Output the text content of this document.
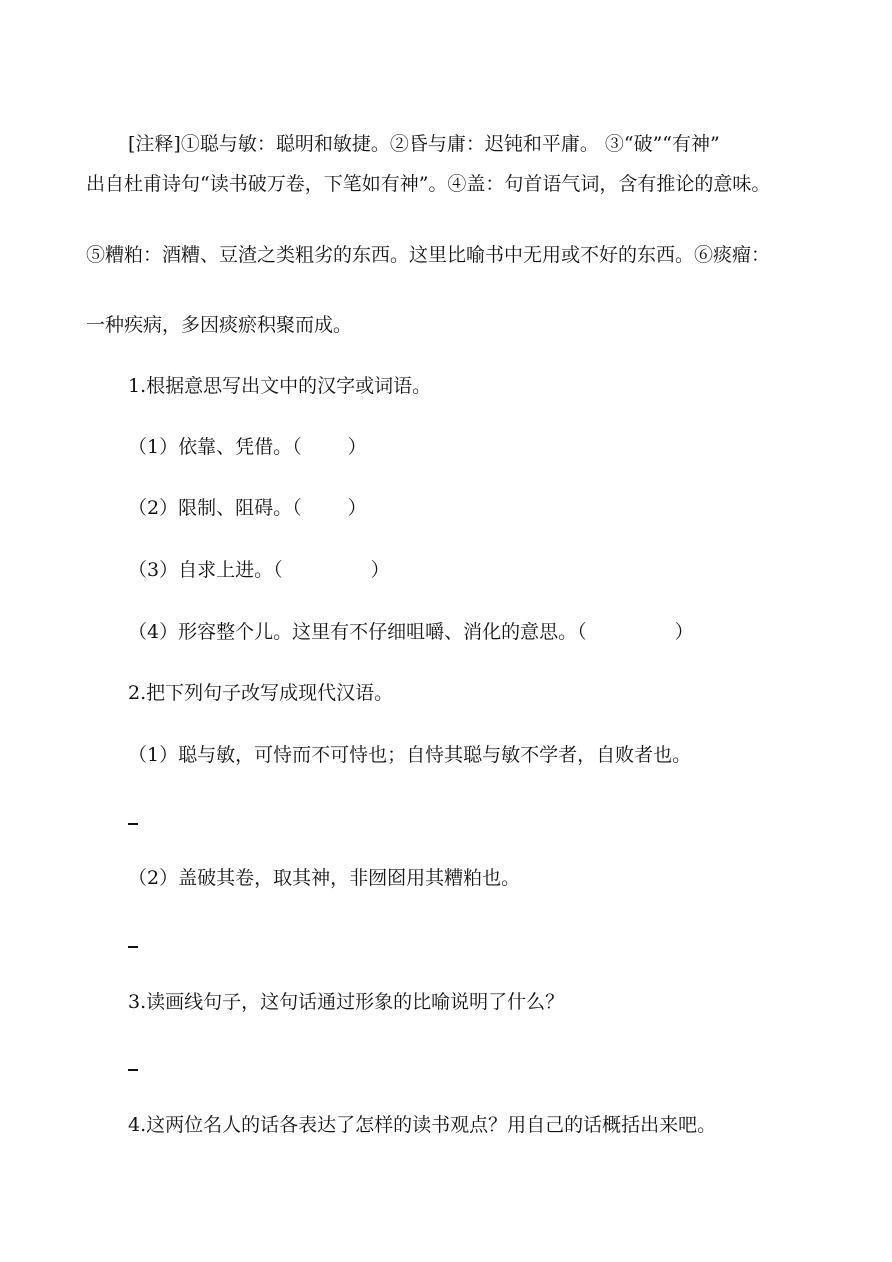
[注释]①聪与敏：聪明和敏捷。②昏与庸：迟钝和平庸。 ③“破”“有神”
出自杜甫诗句“读书破万卷，下笔如有神”。④盖：句首语气词，含有推论的意味。
⑤糟粕：酒糟、豆渣之类粗劣的东西。这里比喻书中无用或不好的东西。⑥痰瘤：
一种疾病，多因痰瘀积聚而成。
1.根据意思写出文中的汉字或词语。
（1）依靠、凭借。（ ）
（2）限制、阻碍。（ ）
（3）自求上进。（	）
（4）形容整个儿。这里有不仔细咀嚼、消化的意思。（	）
2.把下列句子改写成现代汉语。
（1）聪与敏，可恃而不可恃也；自恃其聪与敏不学者，自败者也。
（2）盖破其卷，取其神，非囫囵用其糟粕也。
3.读画线句子，这句话通过形象的比喻说明了什么？
4.这两位名人的话各表达了怎样的读书观点？用自己的话概括出来吧。
